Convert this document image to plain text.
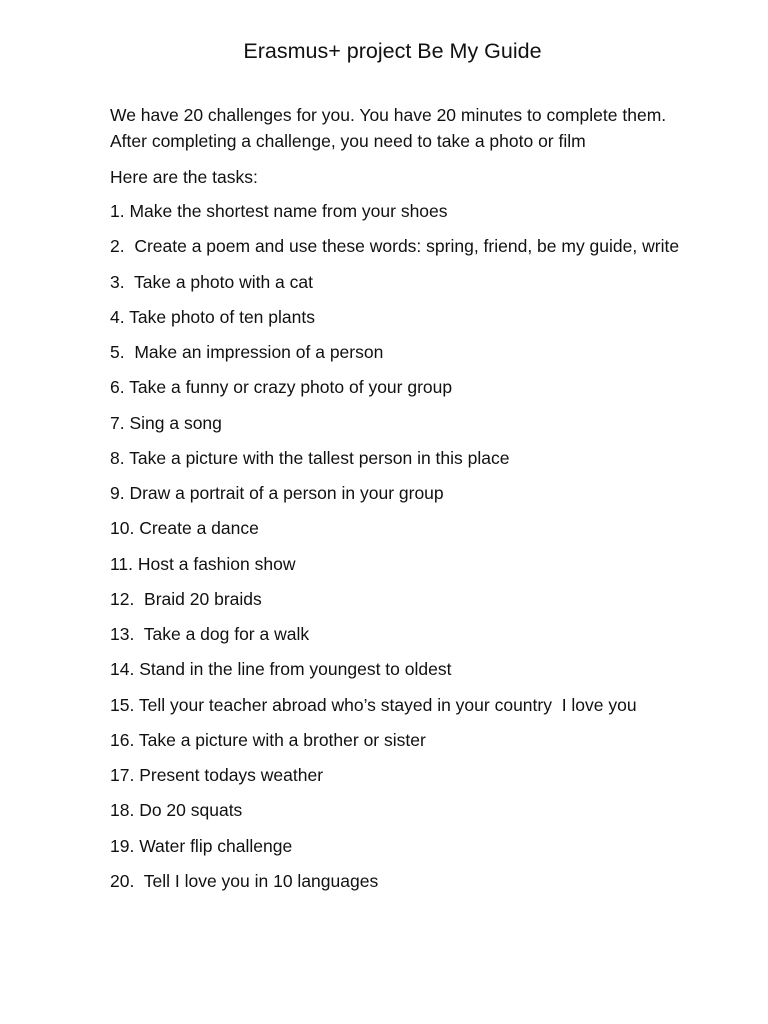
Erasmus+ project Be My Guide

We have 20 challenges for you. You have 20 minutes to complete them.

After completing a challenge, you need to take a photo or film

Here are the tasks:
1. Make the shortest name from your shoes
2.  Create a poem and use these words: spring, friend, be my guide, write
3.  Take a photo with a cat
4. Take photo of ten plants
5.  Make an impression of a person
6. Take a funny or crazy photo of your group
7. Sing a song
8. Take a picture with the tallest person in this place
9. Draw a portrait of a person in your group
10. Create a dance
11. Host a fashion show
12.  Braid 20 braids
13.  Take a dog for a walk
14. Stand in the line from youngest to oldest
15. Tell your teacher abroad who’s stayed in your country  I love you
16. Take a picture with a brother or sister
17. Present todays weather
18. Do 20 squats
19. Water flip challenge
20.  Tell I love you in 10 languages
